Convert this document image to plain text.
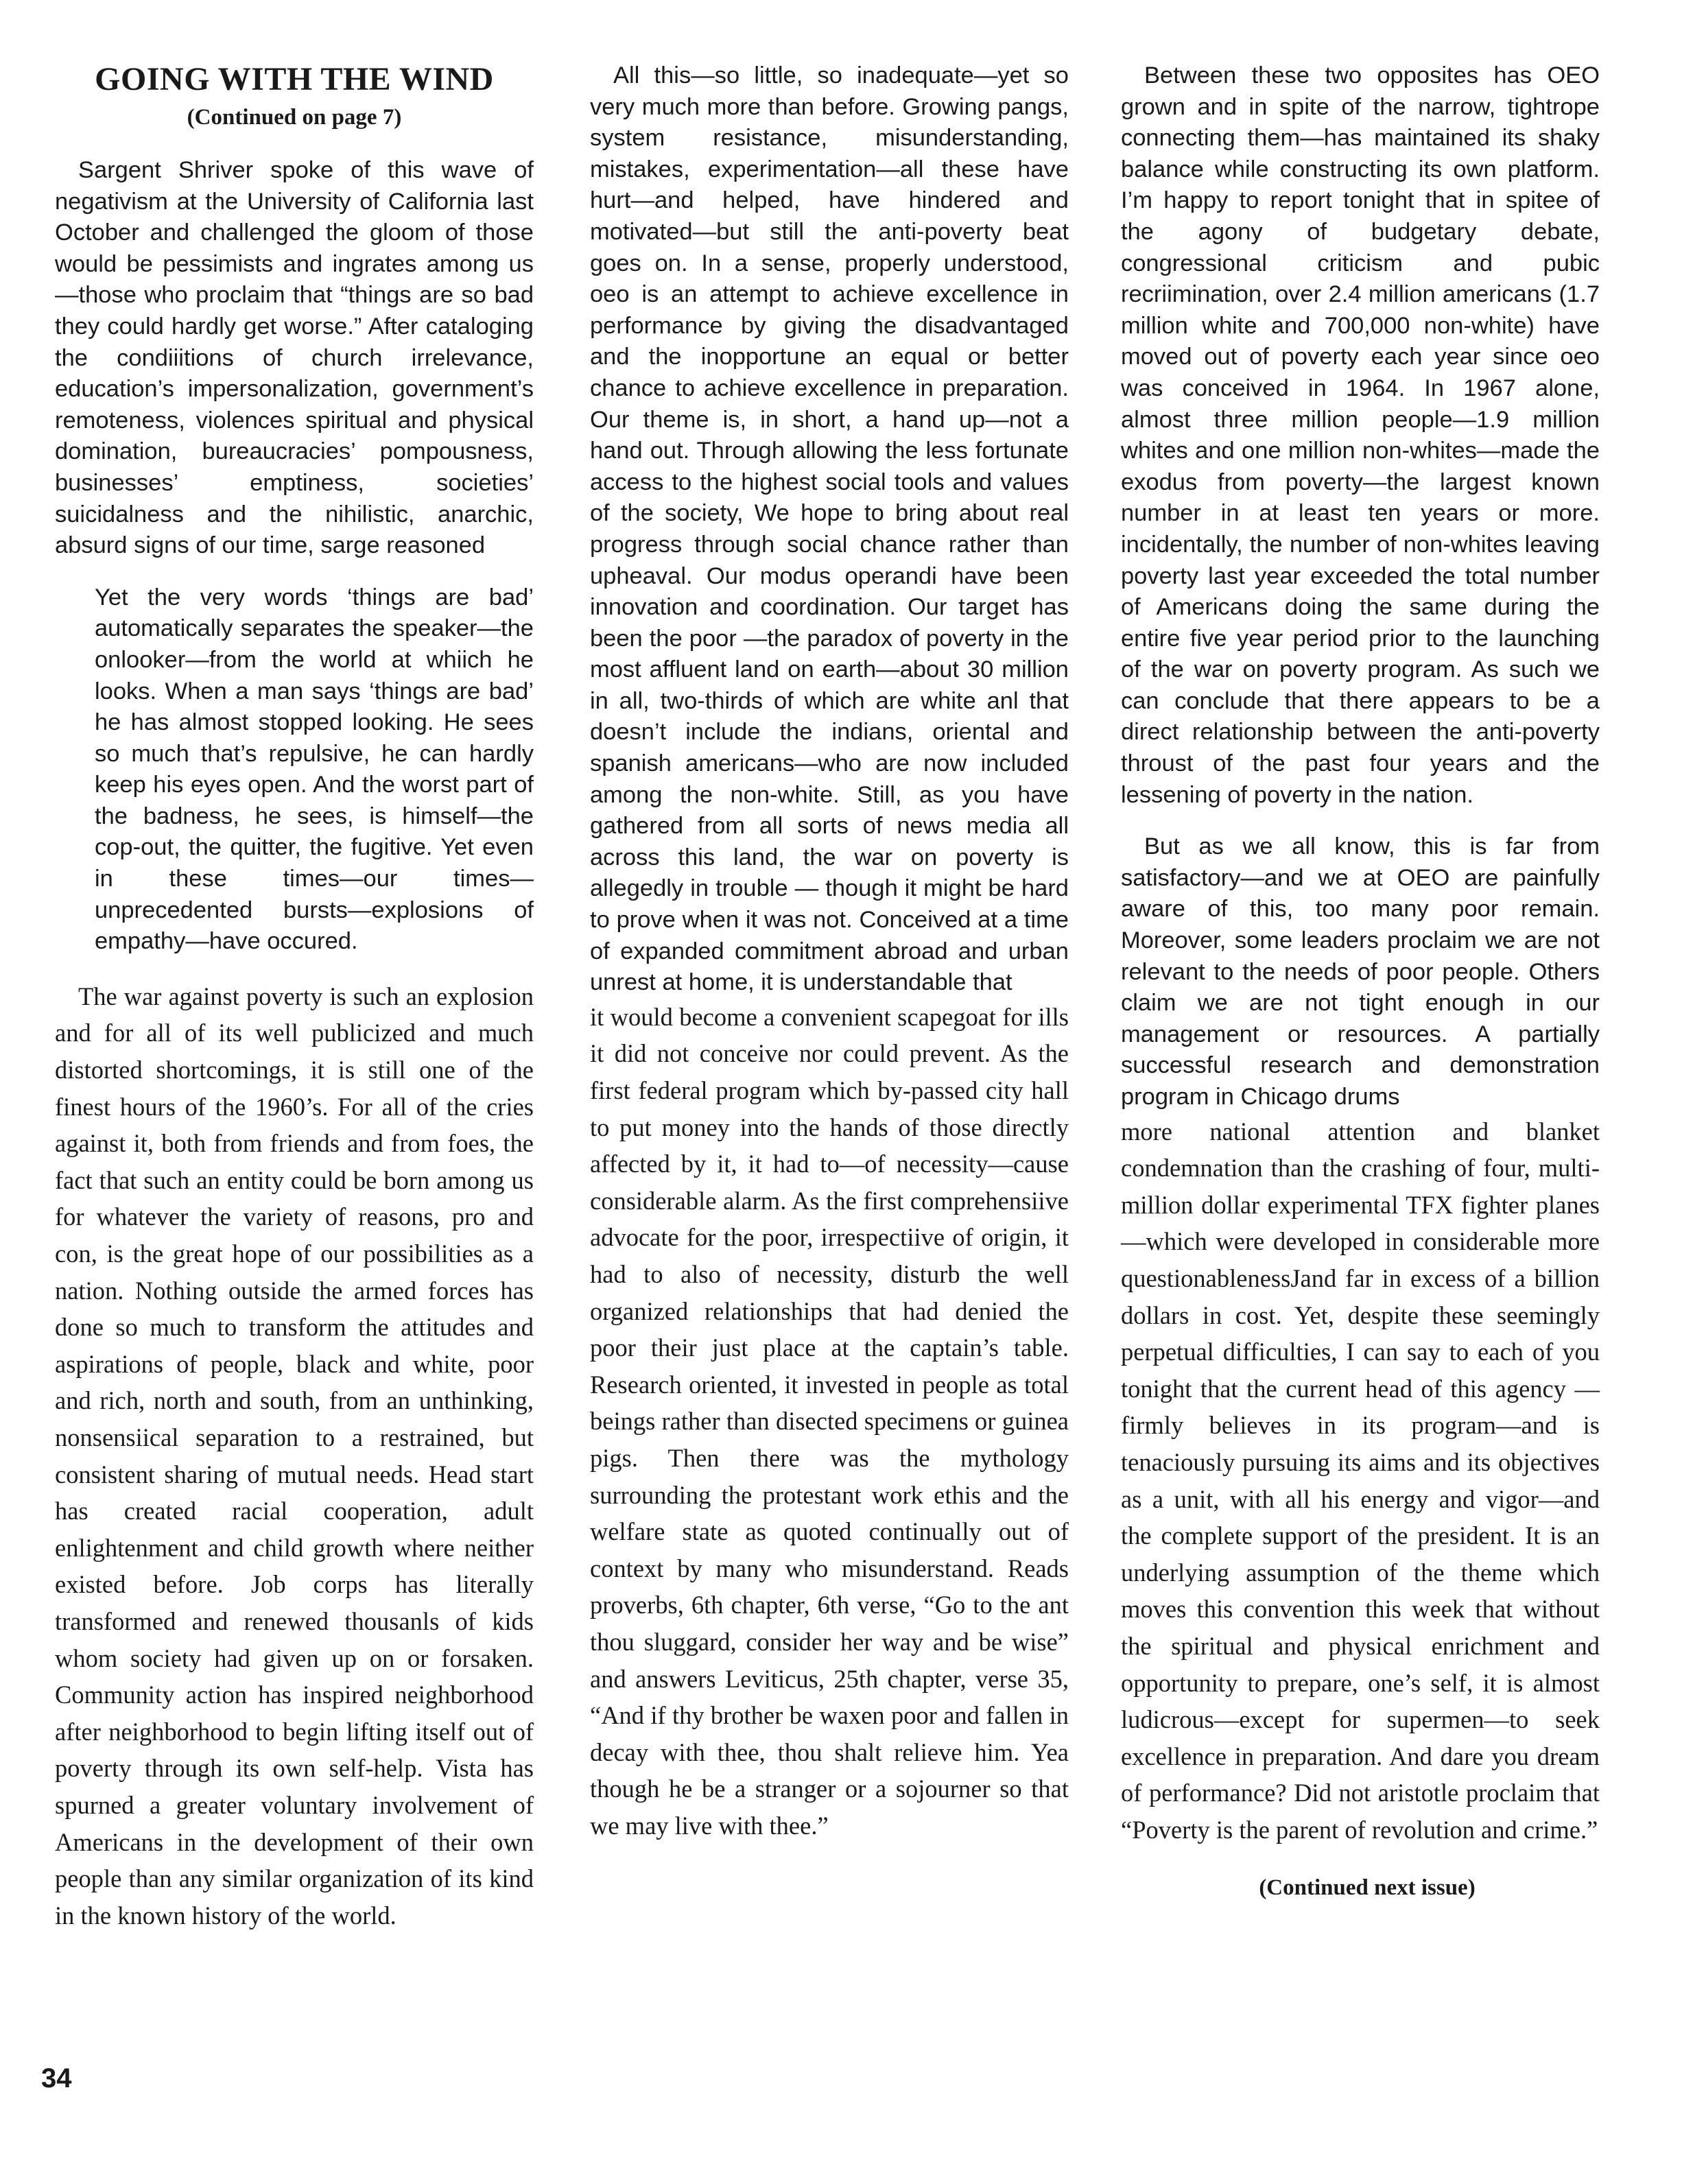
GOING WITH THE WIND
(Continued on page 7)

Sargent Shriver spoke of this wave of negativism at the University of California last October and challenged the gloom of those would be pessimists and ingrates among us—those who proclaim that “things are so bad they could hardly get worse.” After cataloging the condiiitions of church irrelevance, education’s impersonalization, government’s remoteness, violences spiritual and physical domination, bureaucracies’ pompousness, businesses’ emptiness, societies’ suicidalness and the nihilistic, anarchic, absurd signs of our time, sarge reasoned

Yet the very words ‘things are bad’ automatically separates the speaker—the onlooker—from the world at whiich he looks. When a man says ‘things are bad’ he has almost stopped looking. He sees so much that’s repulsive, he can hardly keep his eyes open. And the worst part of the badness, he sees, is himself—the cop-out, the quitter, the fugitive. Yet even in these times—our times—unprecedented bursts—explosions of empathy—have occured.

The war against poverty is such an explosion and for all of its well publicized and much distorted shortcomings, it is still one of the finest hours of the 1960’s. For all of the cries against it, both from friends and from foes, the fact that such an entity could be born among us for whatever the variety of reasons, pro and con, is the great hope of our possibilities as a nation. Nothing outside the armed forces has done so much to transform the attitudes and aspirations of people, black and white, poor and rich, north and south, from an unthinking, nonsensiical separation to a restrained, but consistent sharing of mutual needs. Head start has created racial cooperation, adult enlightenment and child growth where neither existed before. Job corps has literally transformed and renewed thousanls of kids whom society had given up on or forsaken. Community action has inspired neighborhood after neighborhood to begin lifting itself out of poverty through its own self-help. Vista has spurned a greater voluntary involvement of Americans in the development of their own people than any similar organization of its kind in the known history of the world.

All this—so little, so inadequate—yet so very much more than before. Growing pangs, system resistance, misunderstanding, mistakes, experimentation—all these have hurt—and helped, have hindered and motivated—but still the anti-poverty beat goes on. In a sense, properly understood, oeo is an attempt to achieve excellence in performance by giving the disadvantaged and the inopportune an equal or better chance to achieve excellence in preparation. Our theme is, in short, a hand up—not a hand out. Through allowing the less fortunate access to the highest social tools and values of the society, We hope to bring about real progress through social chance rather than upheaval. Our modus operandi have been innovation and coordination. Our target has been the poor —the paradox of poverty in the most affluent land on earth—about 30 million in all, two-thirds of which are white anl that doesn’t include the indians, oriental and spanish americans—who are now included among the non-white. Still, as you have gathered from all sorts of news media all across this land, the war on poverty is allegedly in trouble — though it might be hard to prove when it was not. Conceived at a time of expanded commitment abroad and urban unrest at home, it is understandable that

it would become a convenient scapegoat for ills it did not conceive nor could prevent. As the first federal program which by-passed city hall to put money into the hands of those directly affected by it, it had to—of necessity—cause considerable alarm. As the first comprehensiive advocate for the poor, irrespectiive of origin, it had to also of necessity, disturb the well organized relationships that had denied the poor their just place at the captain’s table. Research oriented, it invested in people as total beings rather than disected specimens or guinea pigs. Then there was the mythology surrounding the protestant work ethis and the welfare state as quoted continually out of context by many who misunderstand. Reads proverbs, 6th chapter, 6th verse, “Go to the ant thou sluggard, consider her way and be wise” and answers Leviticus, 25th chapter, verse 35, “And if thy brother be waxen poor and fallen in decay with thee, thou shalt relieve him. Yea though he be a stranger or a sojourner so that we may live with thee.”

Between these two opposites has OEO grown and in spite of the narrow, tightrope connecting them—has maintained its shaky balance while constructing its own platform. I’m happy to report tonight that in spitee of the agony of budgetary debate, congressional criticism and pubic recriimination, over 2.4 million americans (1.7 million white and 700,000 non-white) have moved out of poverty each year since oeo was conceived in 1964. In 1967 alone, almost three million people—1.9 million whites and one million non-whites—made the exodus from poverty—the largest known number in at least ten years or more. incidentally, the number of non-whites leaving poverty last year exceeded the total number of Americans doing the same during the entire five year period prior to the launching of the war on poverty program. As such we can conclude that there appears to be a direct relationship between the anti-poverty throust of the past four years and the lessening of poverty in the nation.

But as we all know, this is far from satisfactory—and we at OEO are painfully aware of this, too many poor remain. Moreover, some leaders proclaim we are not relevant to the needs of poor people. Others claim we are not tight enough in our management or resources. A partially successful research and demonstration program in Chicago drums

more national attention and blanket condemnation than the crashing of four, multi-million dollar experimental TFX fighter planes—which were developed in considerable more questionablenessJand far in excess of a billion dollars in cost. Yet, despite these seemingly perpetual difficulties, I can say to each of you tonight that the current head of this agency —firmly believes in its program—and is tenaciously pursuing its aims and its objectives as a unit, with all his energy and vigor—and the complete support of the president. It is an underlying assumption of the theme which moves this convention this week that without the spiritual and physical enrichment and opportunity to prepare, one’s self, it is almost ludicrous—except for supermen—to seek excellence in preparation. And dare you dream of performance? Did not aristotle proclaim that “Poverty is the parent of revolution and crime.”

(Continued next issue)
34
